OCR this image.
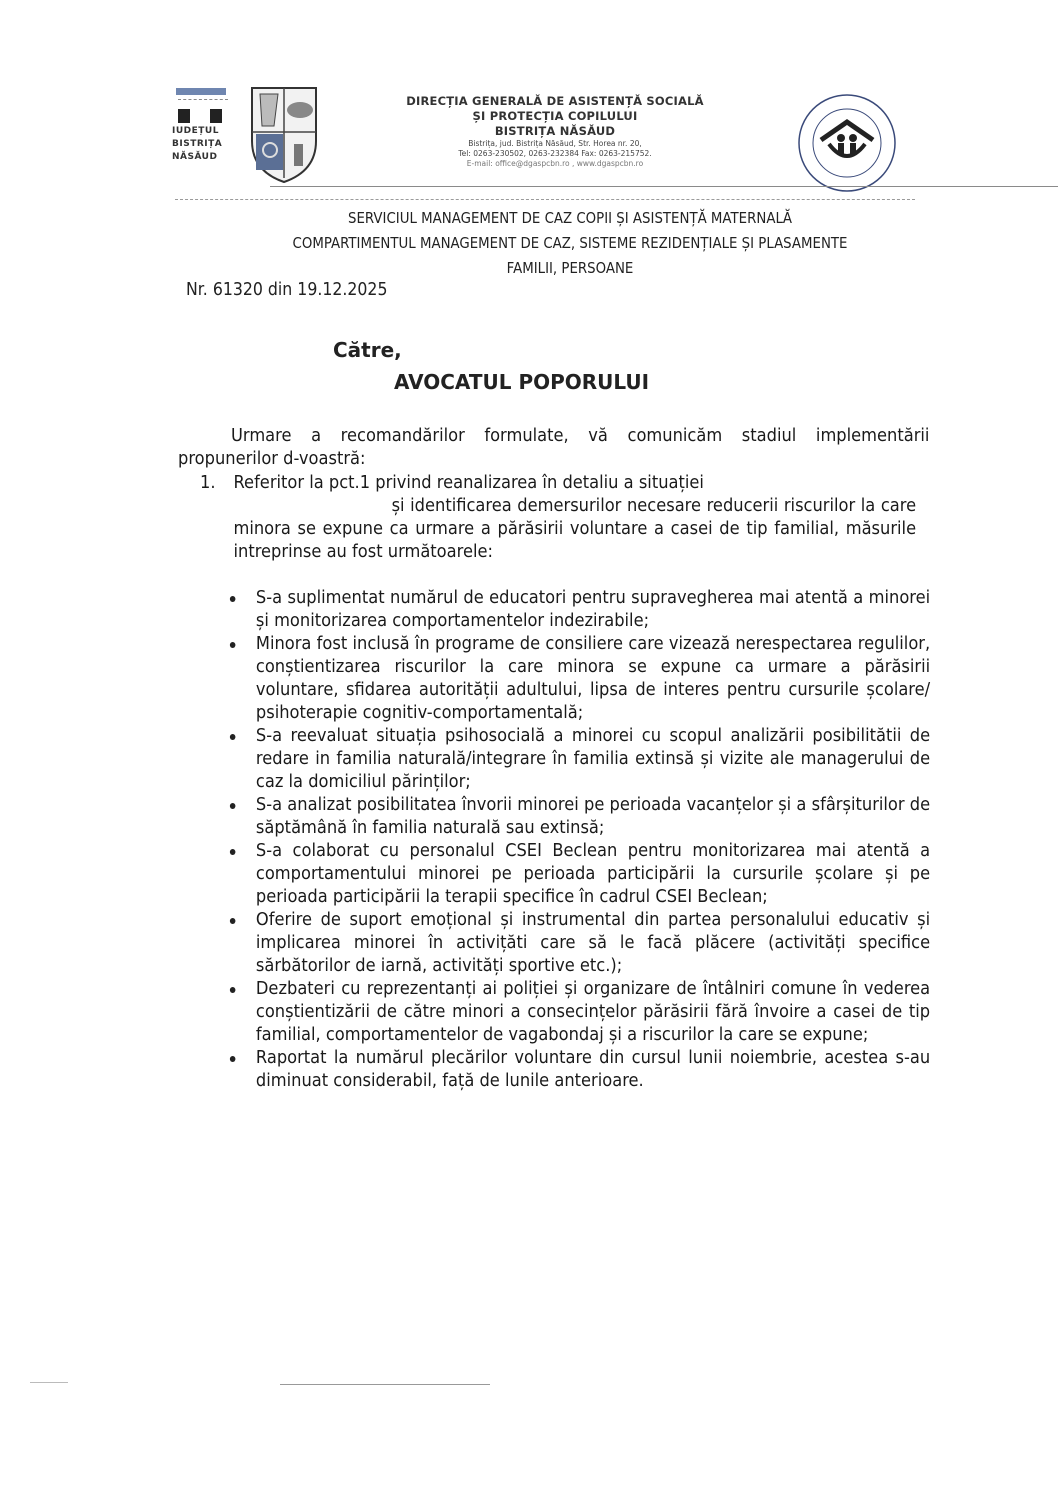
IUDEȚUL
BISTRIȚA
NĂSĂUD
DIRECȚIA GENERALĂ DE ASISTENȚĂ SOCIALĂ
ȘI PROTECȚIA COPILULUI
BISTRIȚA NĂSĂUD
Bistrița, jud. Bistrița Năsăud, Str. Horea nr. 20,
Tel: 0263-230502, 0263-232384 Fax: 0263-215752.
E-mail: office@dgaspcbn.ro , www.dgaspcbn.ro
SERVICIUL MANAGEMENT DE CAZ COPII ȘI ASISTENȚĂ MATERNALĂ
COMPARTIMENTUL MANAGEMENT DE CAZ, SISTEME REZIDENȚIALE ȘI PLASAMENTE
FAMILII, PERSOANE
Nr. 61320 din 19.12.2025
Către,
AVOCATUL POPORULUI
Urmare a recomandărilor formulate, vă comunicăm stadiul implementării propunerilor d-voastră:
1. Referitor la pct.1 privind reanalizarea în detaliu a situației
și identificarea demersurilor necesare reducerii riscurilor la care minora se expune ca urmare a părăsirii voluntare a casei de tip familial, măsurile intreprinse au fost următoarele:
S-a suplimentat numărul de educatori pentru supravegherea mai atentă a minorei și monitorizarea comportamentelor indezirabile;
Minora fost inclusă în programe de consiliere care vizează nerespectarea regulilor, conștientizarea riscurilor la care minora se expune ca urmare a părăsirii voluntare, sfidarea autorității adultului, lipsa de interes pentru cursurile școlare/ psihoterapie cognitiv-comportamentală;
S-a reevaluat situația psihosocială a minorei cu scopul analizării posibilitătii de redare in familia naturală/integrare în familia extinsă și vizite ale managerului de caz la domiciliul părinților;
S-a analizat posibilitatea învorii minorei pe perioada vacanțelor și a sfârșiturilor de săptămână în familia naturală sau extinsă;
S-a colaborat cu personalul CSEI Beclean pentru monitorizarea mai atentă a comportamentului minorei pe perioada participării la cursurile școlare și pe perioada participării la terapii specifice în cadrul CSEI Beclean;
Oferire de suport emoțional și instrumental din partea personalului educativ și implicarea minorei în activițăti care să le facă plăcere (activități specifice sărbătorilor de iarnă, activități sportive etc.);
Dezbateri cu reprezentanți ai poliției și organizare de întâlniri comune în vederea conștientizării de către minori a consecințelor părăsirii fără învoire a casei de tip familial, comportamentelor de vagabondaj și a riscurilor la care se expune;
Raportat la numărul plecărilor voluntare din cursul lunii noiembrie, acestea s-au diminuat considerabil, față de lunile anterioare.
